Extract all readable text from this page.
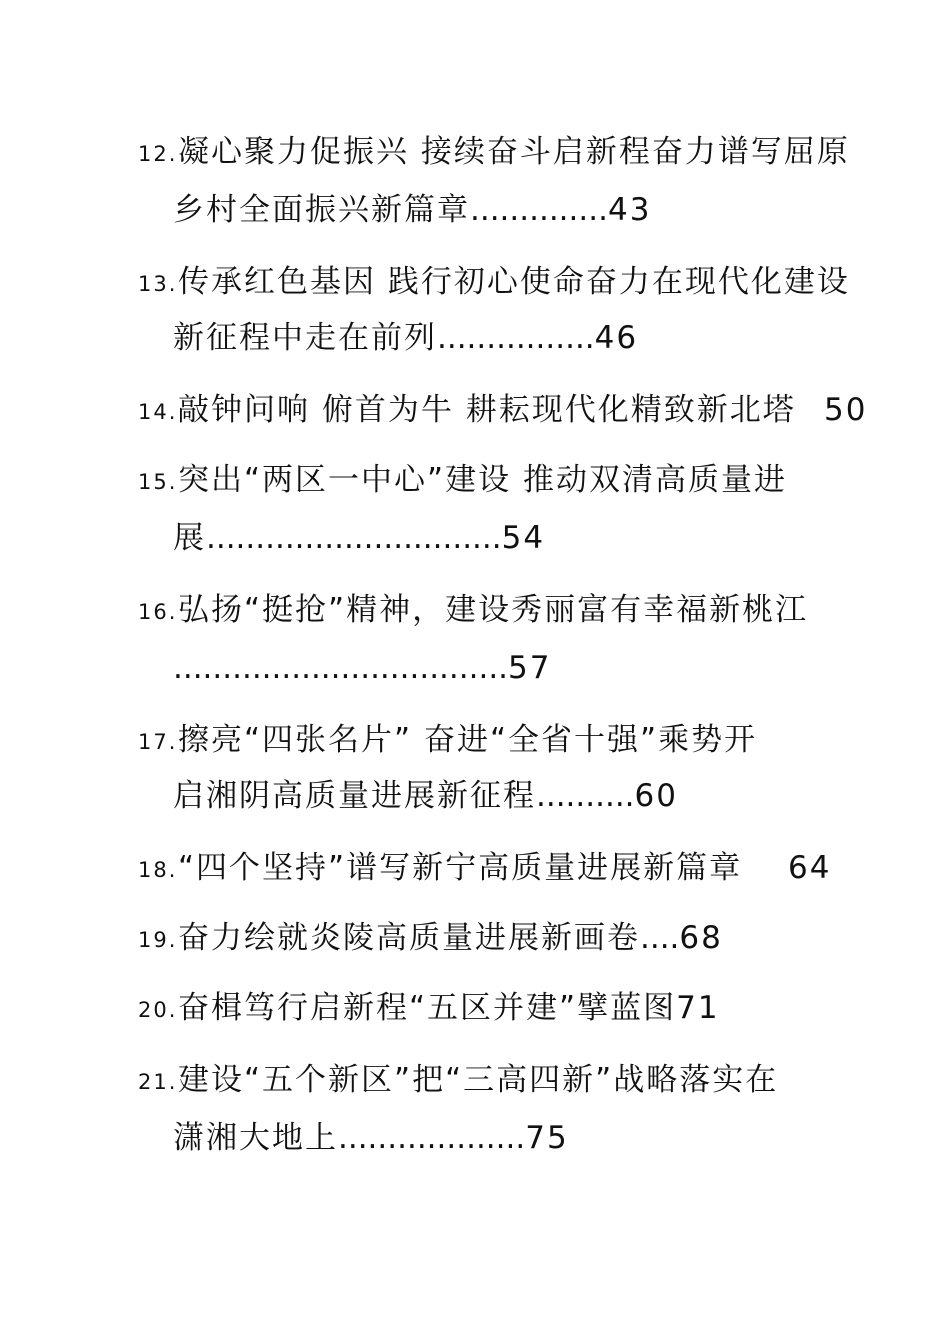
12. 凝心聚力促振兴 接续奋斗启新程奋力谱写屈原
乡村全面振兴新篇章..............43
13. 传承红色基因 践行初心使命奋力在现代化建设
新征程中走在前列................46
14. 敲钟问响 俯首为牛 耕耘现代化精致新北塔 50
15. 突出“两区一中心”建设 推动双清高质量进
展..............................54
16. 弘扬“挺抢”精神，建设秀丽富有幸福新桃江
..................................57
17. 擦亮“四张名片” 奋进“全省十强”乘势开
启湘阴高质量进展新征程..........60
18. “四个坚持”谱写新宁高质量进展新篇章 64
19. 奋力绘就炎陵高质量进展新画卷....68
20. 奋楫笃行启新程“五区并建”擘蓝图71
21. 建设“五个新区”把“三高四新”战略落实在
潇湘大地上...................75
